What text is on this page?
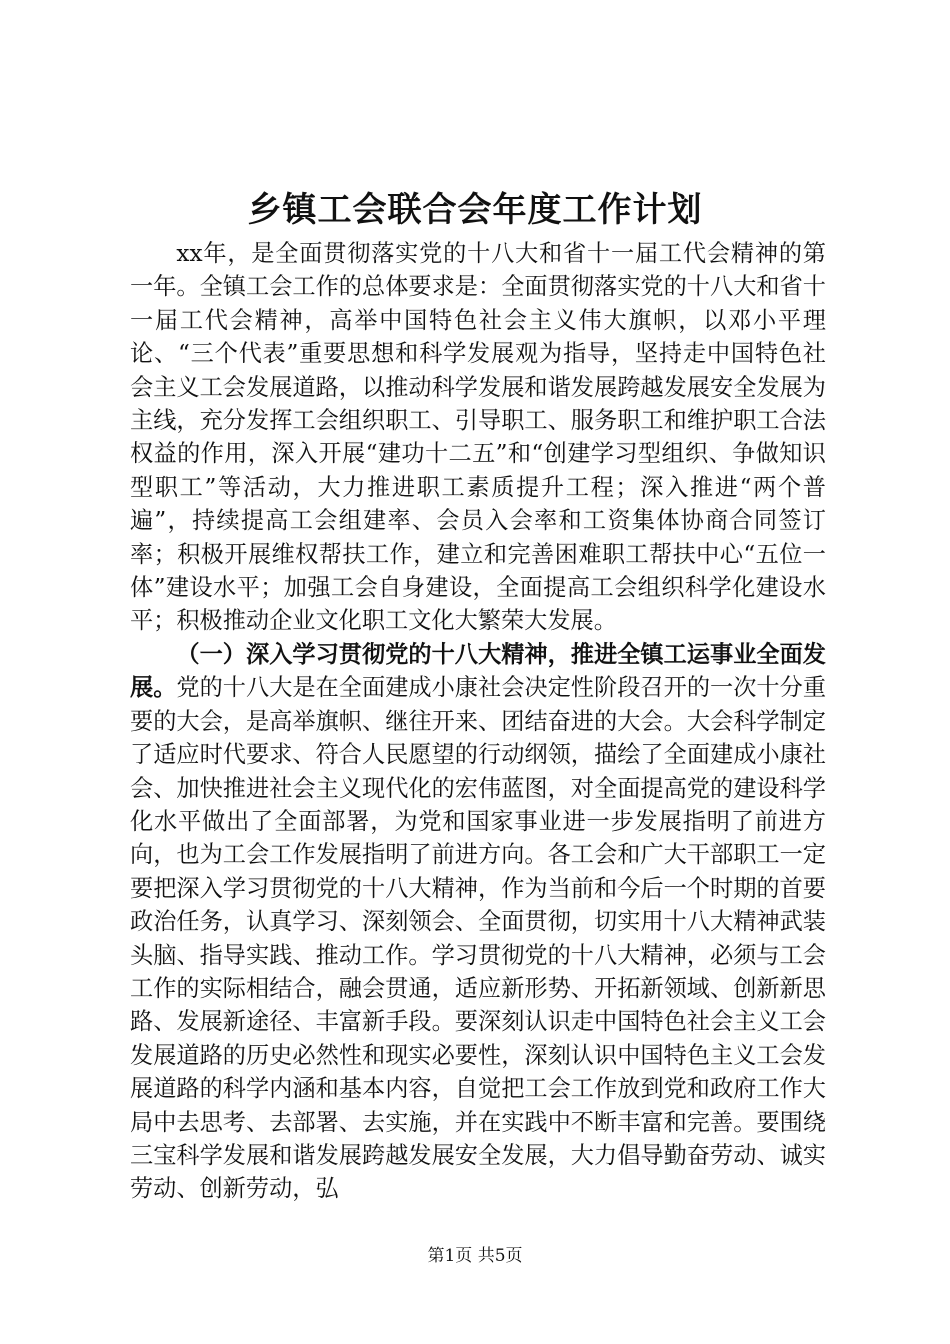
乡镇工会联合会年度工作计划

xx年，是全面贯彻落实党的十八大和省十一届工代会精神的第一年。全镇工会工作的总体要求是：全面贯彻落实党的十八大和省十一届工代会精神，高举中国特色社会主义伟大旗帜，以邓小平理论、“三个代表”重要思想和科学发展观为指导，坚持走中国特色社会主义工会发展道路，以推动科学发展和谐发展跨越发展安全发展为主线，充分发挥工会组织职工、引导职工、服务职工和维护职工合法权益的作用，深入开展“建功十二五”和“创建学习型组织、争做知识型职工”等活动，大力推进职工素质提升工程；深入推进“两个普遍”，持续提高工会组建率、会员入会率和工资集体协商合同签订率；积极开展维权帮扶工作，建立和完善困难职工帮扶中心“五位一体”建设水平；加强工会自身建设，全面提高工会组织科学化建设水平；积极推动企业文化职工文化大繁荣大发展。

（一）深入学习贯彻党的十八大精神，推进全镇工运事业全面发展。党的十八大是在全面建成小康社会决定性阶段召开的一次十分重要的大会，是高举旗帜、继往开来、团结奋进的大会。大会科学制定了适应时代要求、符合人民愿望的行动纲领，描绘了全面建成小康社会、加快推进社会主义现代化的宏伟蓝图，对全面提高党的建设科学化水平做出了全面部署，为党和国家事业进一步发展指明了前进方向，也为工会工作发展指明了前进方向。各工会和广大干部职工一定要把深入学习贯彻党的十八大精神，作为当前和今后一个时期的首要政治任务，认真学习、深刻领会、全面贯彻，切实用十八大精神武装头脑、指导实践、推动工作。学习贯彻党的十八大精神，必须与工会工作的实际相结合，融会贯通，适应新形势、开拓新领域、创新新思路、发展新途径、丰富新手段。要深刻认识走中国特色社会主义工会发展道路的历史必然性和现实必要性，深刻认识中国特色主义工会发展道路的科学内涵和基本内容，自觉把工会工作放到党和政府工作大局中去思考、去部署、去实施，并在实践中不断丰富和完善。要围绕三宝科学发展和谐发展跨越发展安全发展，大力倡导勤奋劳动、诚实劳动、创新劳动，弘

第1页 共5页
